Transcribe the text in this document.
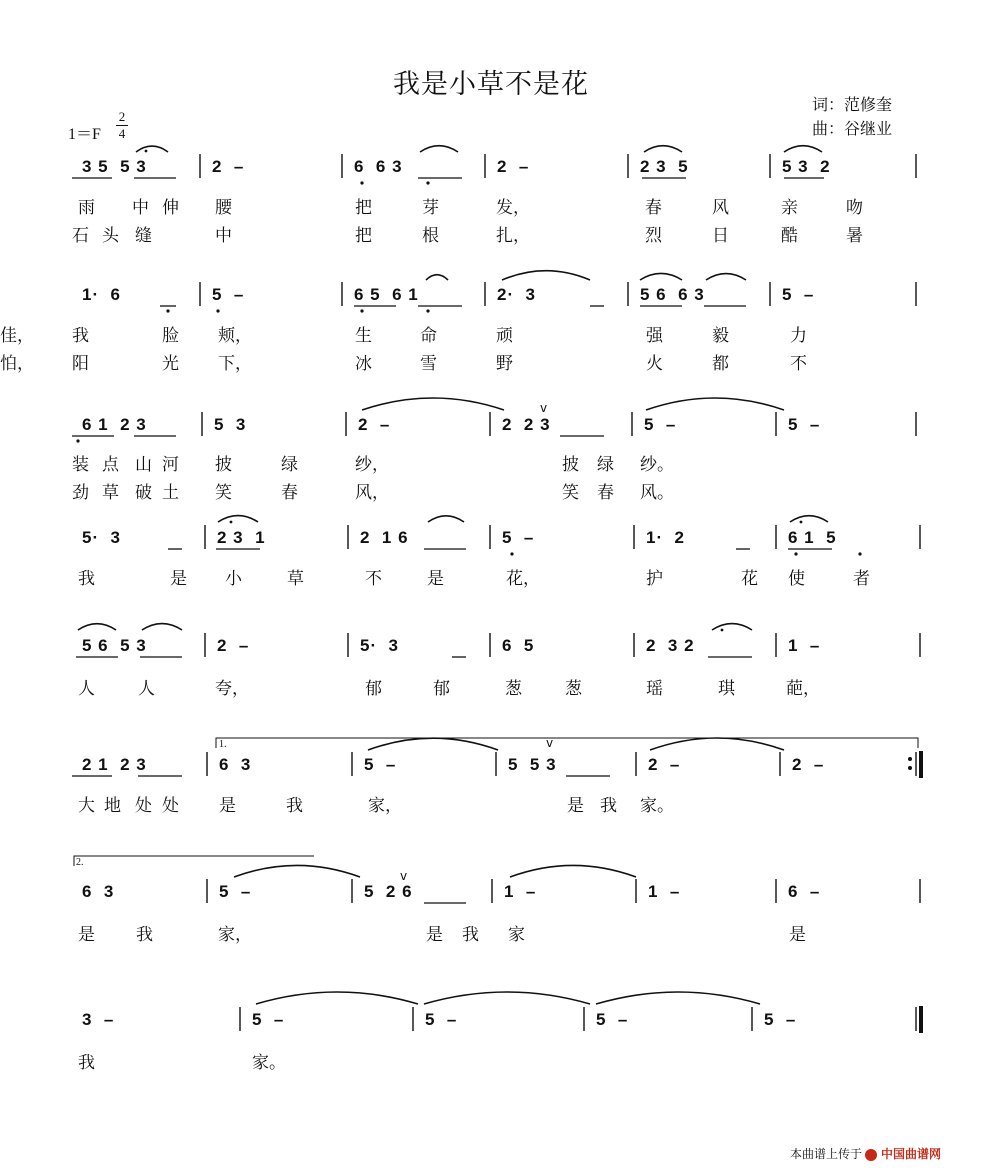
我是小草不是花
词：范修奎
曲：谷继业
1＝F
2
4
3 5  5 3	2  –	6  6 3	2  –	2 3  5	5 3  2
1·  6	5  –	6 5  6 1	2·  3	5 6  6 3	5  –
6 1  2 3	5  3	2  –	2  2 3	5  –	5  –
5·  3	2 3  1	2  1 6	5  –	1·  2	6 1  5
5 6  5 3	2  –	5·  3	6  5	2  3 2	1  –
2 1  2 3	6  3	5  –	5  5 3	2  –	2  –
6  3	5  –	5  2 6	1  –	1  –	6  –
3  –	5  –	5  –	5  –	5  –
雨 中 伸 腰	把	芽	发，	春	风	亲	吻
石 头 缝	中	把	根	扎，	烈	日	酷	暑
我	脸 颊，	生	命	顽	强	毅	力
佳，
阳	光 下，	冰	雪	野	火	都	不
怕，
装 点 山 河 披	绿	纱，	披 绿 纱。
劲 草 破 土 笑	春	风，	笑 春 风。
我	是 小	草	不	是	花，	护	花 使	者
人	人	夸，	郁	郁	葱	葱	瑶	琪	葩，
大 地 处 处 是	我	家，	是 我 家。
是 我	家，	是 我 家	是
我	家。
v
v
v
1.
2.
本曲谱上传于 中国曲谱网
